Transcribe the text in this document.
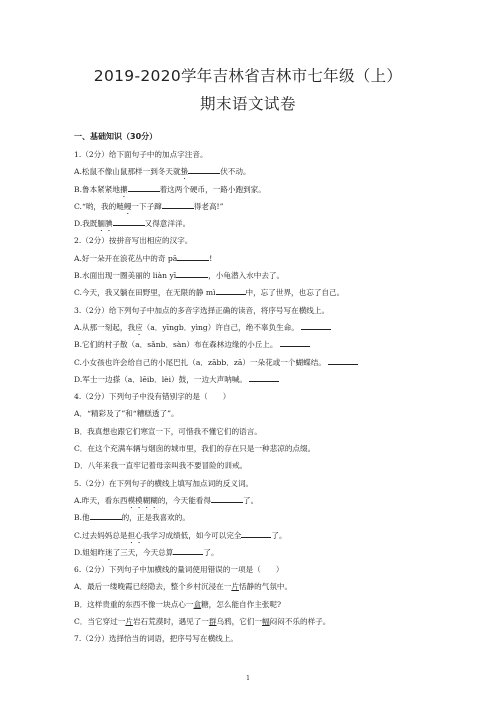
2019-2020学年吉林省吉林市七年级（上）
期末语文试卷
一、基础知识（30分）
1.（2分）给下面句子中的加点字注音。
A.松鼠不像山鼠那样一到冬天就蛰	伏不动。
B.鲁本紧紧地攥	着这两个硬币，一路小跑到家。
C.“哟，我的鲢鳗一下子蹿	得老高!”
D.我既腼腆	又得意洋洋。
2.（2分）按拼音写出相应的汉字。
A.好一朵开在浪花丛中的奇 pā	!
B.水面出现一圈美丽的 liàn yī	，小龟潜入水中去了。
C.今天，我又躺在田野里，在无限的静 mì	中，忘了世界，也忘了自己。
3.（2分）给下列句子中加点的多音字选择正确的读音，将序号写在横线上。
A.从那一刻起，我应（a．yīngb．yìng）许自己，绝不辜负生命。
B.它们的村子散（a．sǎnb．sàn）布在森林边缘的小丘上。
C.小女孩也许会给自己的小尾巴扎（a．zābb．zā）一朵花或一个蝴蝶结。
D.军士一边搽（a．lēib．lèi）鼓，一边大声呐喊。
4.（2分）下列句子中没有错别字的是（　　）
A．“精彩及了”和“糟糕透了”。
B．我真想也跟它们寒宣一下，可惜我不懂它们的语言。
C．在这个充满车辆与烟囱的城市里，我们的存在只是一种悲凉的点缀。
D．八年来我一直牢记着母亲叫我不要冒险的训戒。
5.（2分）在下列句子的横线上填写加点词的反义词。
A.昨天，看东西模模糊糊的，今天能看得	了。
B.他	的，正是我喜欢的。
C.过去妈妈总是担心我学习成绩低，如今可以完全	了。
D.姐姐昨迷了三天，今天总算	了。
6.（2分）下列句子中加横线的量词使用错误的一项是（　　）
A．最后一缕晚霞已经隐去，整个乡村沉浸在一片恬静的气氛中。
B．这样贵重的东西不像一块点心一盒糖，怎么能自作主张呢?
C．当它穿过一片岩石荒漠时，遇见了一群乌鸦，它们一幅闷闷不乐的样子。
7.（2分）选择恰当的词语，把序号写在横线上。
1
